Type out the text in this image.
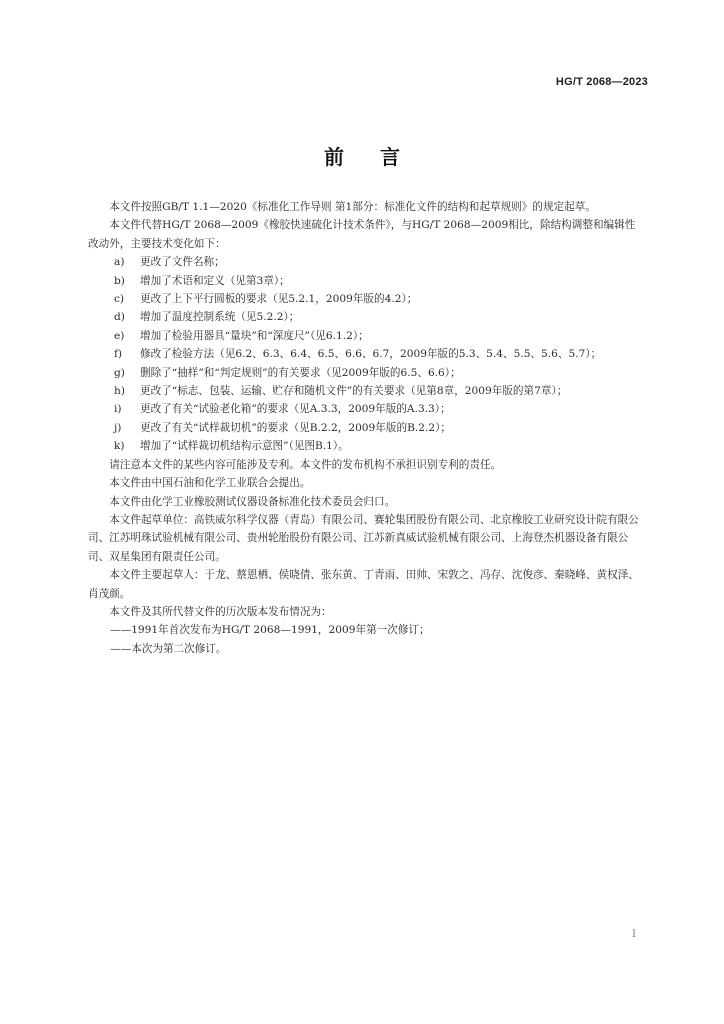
HG/T 2068—2023
前 言

本文件按照GB/T 1.1—2020《标准化工作导则 第1部分：标准化文件的结构和起草规则》的规定起草。

本文件代替HG/T 2068—2009《橡胶快速硫化计技术条件》，与HG/T 2068—2009相比，除结构调整和编辑性改动外，主要技术变化如下：

a) 更改了文件名称；

b) 增加了术语和定义（见第3章）；

c) 更改了上下平行圆板的要求（见5.2.1，2009年版的4.2）；

d) 增加了温度控制系统（见5.2.2）；

e) 增加了检验用器具“量块”和“深度尺”（见6.1.2）；

f) 修改了检验方法（见6.2、6.3、6.4、6.5、6.6、6.7，2009年版的5.3、5.4、5.5、5.6、5.7）；

g) 删除了“抽样”和“判定规则”的有关要求（见2009年版的6.5、6.6）；

h) 更改了“标志、包装、运输、贮存和随机文件”的有关要求（见第8章，2009年版的第7章）；

i) 更改了有关“试验老化箱”的要求（见A.3.3，2009年版的A.3.3）；

j) 更改了有关“试样裁切机”的要求（见B.2.2，2009年版的B.2.2）；

k) 增加了“试样裁切机结构示意图”（见图B.1）。

请注意本文件的某些内容可能涉及专利。本文件的发布机构不承担识别专利的责任。

本文件由中国石油和化学工业联合会提出。

本文件由化学工业橡胶测试仪器设备标准化技术委员会归口。

本文件起草单位：高铁威尔科学仪器（青岛）有限公司、赛轮集团股份有限公司、北京橡胶工业研究设计院有限公司、江苏明珠试验机械有限公司、贵州轮胎股份有限公司、江苏新真威试验机械有限公司、上海登杰机器设备有限公司、双星集团有限责任公司。

本文件主要起草人：于龙、蔡恩栖、侯晓倩、张东黄、丁青雨、田帅、宋敦之、冯存、沈俊彦、秦晓峰、黄权泽、肖茂颜。

本文件及其所代替文件的历次版本发布情况为：

——1991年首次发布为HG/T 2068—1991，2009年第一次修订；

——本次为第二次修订。

I
